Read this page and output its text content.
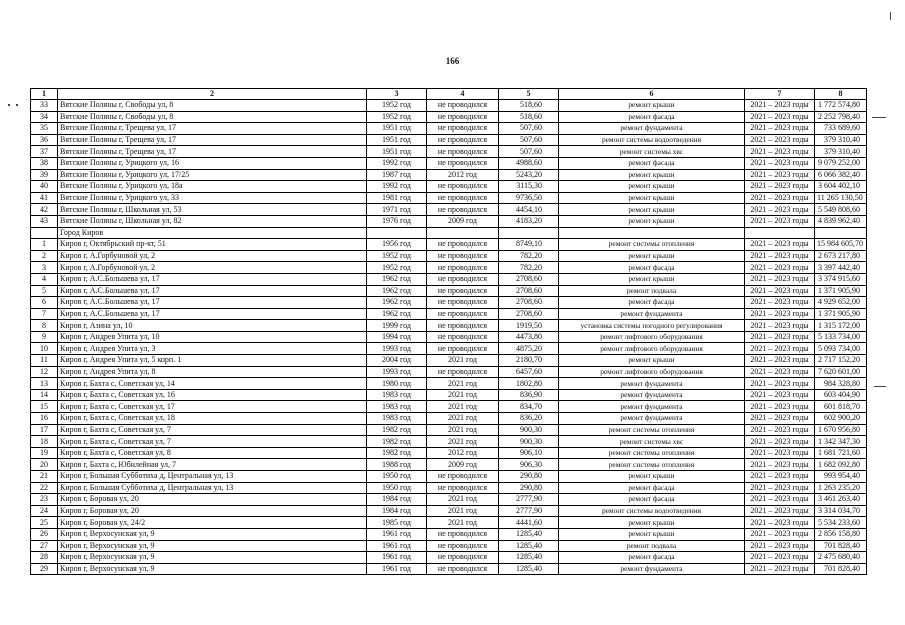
166
1	2	3	4	5	6	7	8
33	Вятские Поляны г, Свободы ул, 8	1952 год	не проводился	518,60	ремонт крыши	2021 – 2023 годы	1 772 574,80
34	Вятские Поляны г, Свободы ул, 8	1952 год	не проводился	518,60	ремонт фасада	2021 – 2023 годы	2 252 798,40
35	Вятские Поляны г, Трещева ул, 17	1951 год	не проводился	507,60	ремонт фундамента	2021 – 2023 годы	733 689,60
36	Вятские Поляны г, Трещева ул, 17	1951 год	не проводился	507,60	ремонт системы водоотведения	2021 – 2023 годы	379 310,40
37	Вятские Поляны г, Трещева ул, 17	1951 год	не проводился	507,60	ремонт системы хвс	2021 – 2023 годы	379 310,40
38	Вятские Поляны г, Урицкого ул, 16	1992 год	не проводился	4988,60	ремонт фасада	2021 – 2023 годы	9 079 252,00
39	Вятские Поляны г, Урицкого ул, 17/25	1987 год	2012 год	5243,20	ремонт крыши	2021 – 2023 годы	6 066 382,40
40	Вятские Поляны г, Урицкого ул, 18а	1992 год	не проводился	3115,30	ремонт крыши	2021 – 2023 годы	3 604 402,10
41	Вятские Поляны г, Урицкого ул, 33	1981 год	не проводился	9736,50	ремонт крыши	2021 – 2023 годы	11 265 130,50
42	Вятские Поляны г, Школьная ул, 53	1971 год	не проводился	4454,10	ремонт крыши	2021 – 2023 годы	5 549 808,60
43	Вятские Поляны г, Школьная ул, 82	1976 год	2009 год	4183,20	ремонт крыши	2021 – 2023 годы	4 839 962,40
	Город Киров						
1	Киров г, Октябрьский пр-кт, 51	1956 год	не проводился	8749,10	ремонт системы отопления	2021 – 2023 годы	15 984 605,70
2	Киров г, А.Горбуновой ул, 2	1952 год	не проводился	782,20	ремонт крыши	2021 – 2023 годы	2 673 217,80
3	Киров г, А.Горбуновой ул, 2	1952 год	не проводился	782,20	ремонт фасада	2021 – 2023 годы	3 397 442,40
4	Киров г, А.С.Большева ул, 17	1962 год	не проводился	2708,60	ремонт крыши	2021 – 2023 годы	3 374 915,60
5	Киров г, А.С.Большева ул, 17	1962 год	не проводился	2708,60	ремонт подвала	2021 – 2023 годы	1 371 905,90
6	Киров г, А.С.Большева ул, 17	1962 год	не проводился	2708,60	ремонт фасада	2021 – 2023 годы	4 929 652,00
7	Киров г, А.С.Большева ул, 17	1962 год	не проводился	2708,60	ремонт фундамента	2021 – 2023 годы	1 371 905,90
8	Киров г, Азина ул, 10	1999 год	не проводился	1919,50	установка системы погодного регулирования	2021 – 2023 годы	1 315 172,00
9	Киров г, Андрея Упита ул, 10	1994 год	не проводился	4473,80	ремонт лифтового оборудования	2021 – 2023 годы	5 133 734,00
10	Киров г, Андрея Упита ул, 3	1993 год	не проводился	4875,20	ремонт лифтового оборудования	2021 – 2023 годы	5 093 734,00
11	Киров г, Андрея Упита ул, 5 корп. 1	2004 год	2021 год	2180,70	ремонт крыши	2021 – 2023 годы	2 717 152,20
12	Киров г, Андрея Упита ул, 8	1993 год	не проводился	6457,60	ремонт лифтового оборудования	2021 – 2023 годы	7 620 601,00
13	Киров г, Бахта с, Советская ул, 14	1980 год	2021 год	1802,80	ремонт фундамента	2021 – 2023 годы	984 328,80
14	Киров г, Бахта с, Советская ул, 16	1983 год	2021 год	836,90	ремонт фундамента	2021 – 2023 годы	603 404,90
15	Киров г, Бахта с, Советская ул, 17	1983 год	2021 год	834,70	ремонт фундамента	2021 – 2023 годы	601 818,70
16	Киров г, Бахта с, Советская ул, 18	1983 год	2021 год	836,20	ремонт фундамента	2021 – 2023 годы	602 900,20
17	Киров г, Бахта с, Советская ул, 7	1982 год	2021 год	900,30	ремонт системы отопления	2021 – 2023 годы	1 670 956,80
18	Киров г, Бахта с, Советская ул, 7	1982 год	2021 год	900,30	ремонт системы хвс	2021 – 2023 годы	1 342 347,30
19	Киров г, Бахта с, Советская ул, 8	1982 год	2012 год	906,10	ремонт системы отопления	2021 – 2023 годы	1 681 721,60
20	Киров г, Бахта с, Юбилейная ул, 7	1988 год	2009 год	906,30	ремонт системы отопления	2021 – 2023 годы	1 682 092,80
21	Киров г, Большая Субботиха д, Центральная ул, 13	1950 год	не проводился	290,80	ремонт крыши	2021 – 2023 годы	993 954,40
22	Киров г, Большая Субботиха д, Центральная ул, 13	1950 год	не проводился	290,80	ремонт фасада	2021 – 2023 годы	1 263 235,20
23	Киров г, Боровая ул, 20	1984 год	2021 год	2777,90	ремонт фасада	2021 – 2023 годы	3 461 263,40
24	Киров г, Боровая ул, 20	1984 год	2021 год	2777,90	ремонт системы водоотведения	2021 – 2023 годы	3 314 034,70
25	Киров г, Боровая ул, 24/2	1985 год	2021 год	4441,60	ремонт крыши	2021 – 2023 годы	5 534 233,60
26	Киров г, Верхосунская ул, 9	1961 год	не проводился	1285,40	ремонт крыши	2021 – 2023 годы	2 856 158,80
27	Киров г, Верхосунская ул, 9	1961 год	не проводился	1285,40	ремонт подвала	2021 – 2023 годы	701 828,40
28	Киров г, Верхосунская ул, 9	1961 год	не проводился	1285,40	ремонт фасада	2021 – 2023 годы	2 475 680,40
29	Киров г, Верхосунская ул, 9	1961 год	не проводился	1285,40	ремонт фундамента	2021 – 2023 годы	701 828,40
